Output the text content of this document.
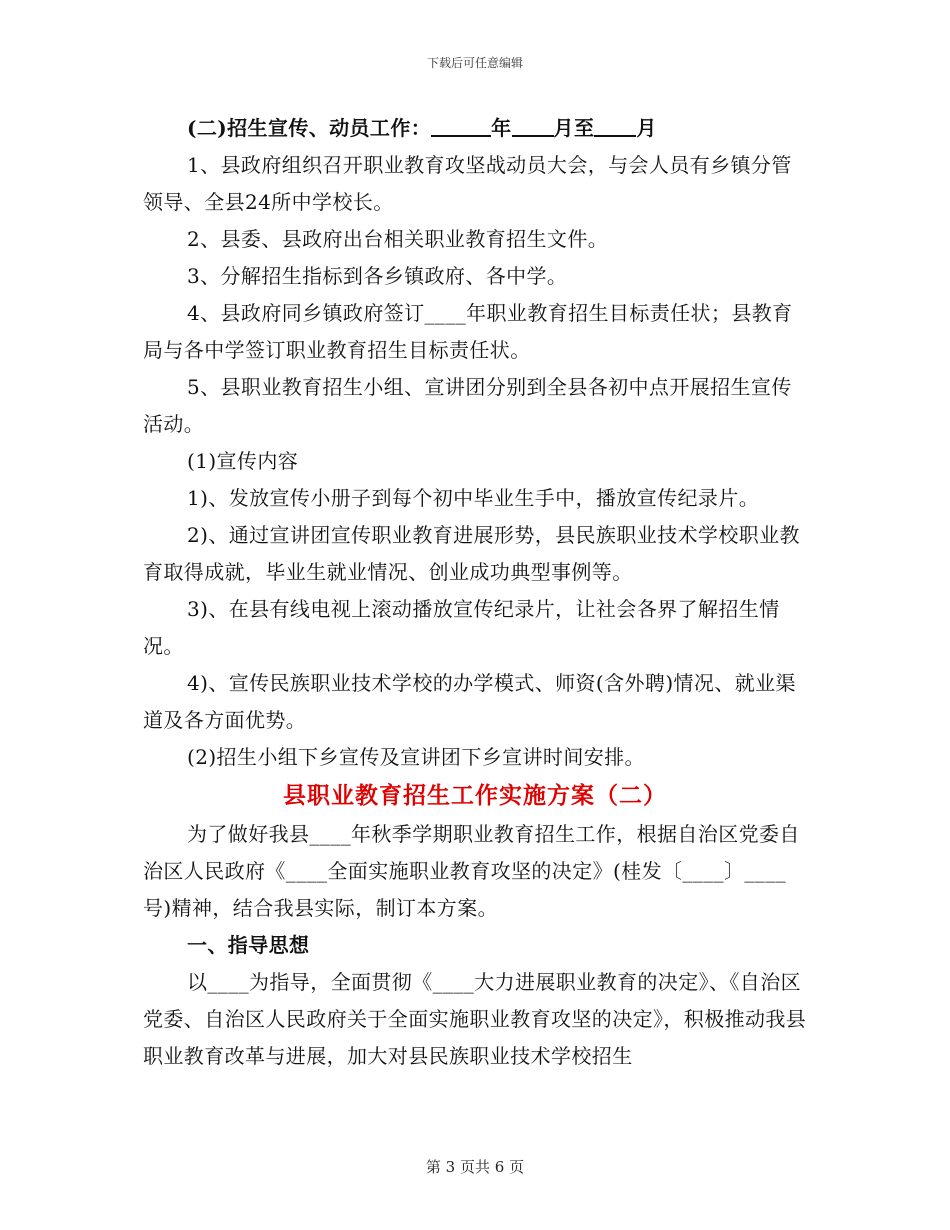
下载后可任意编辑

(二)招生宣传、动员工作：	年 月至 月

1、县政府组织召开职业教育攻坚战动员大会，与会人员有乡镇分管领导、全县24所中学校长。

2、县委、县政府出台相关职业教育招生文件。

3、分解招生指标到各乡镇政府、各中学。

4、县政府同乡镇政府签订____年职业教育招生目标责任状；县教育局与各中学签订职业教育招生目标责任状。

5、县职业教育招生小组、宣讲团分别到全县各初中点开展招生宣传活动。

(1)宣传内容

1)、发放宣传小册子到每个初中毕业生手中，播放宣传纪录片。

2)、通过宣讲团宣传职业教育进展形势，县民族职业技术学校职业教育取得成就，毕业生就业情况、创业成功典型事例等。

3)、在县有线电视上滚动播放宣传纪录片，让社会各界了解招生情况。

4)、宣传民族职业技术学校的办学模式、师资(含外聘)情况、就业渠道及各方面优势。

(2)招生小组下乡宣传及宣讲团下乡宣讲时间安排。

县职业教育招生工作实施方案（二）

为了做好我县____年秋季学期职业教育招生工作，根据自治区党委自治区人民政府《____全面实施职业教育攻坚的决定》(桂发〔____〕____号)精神，结合我县实际，制订本方案。

一、指导思想

以____为指导，全面贯彻《____大力进展职业教育的决定》、《自治区党委、自治区人民政府关于全面实施职业教育攻坚的决定》，积极推动我县职业教育改革与进展，加大对县民族职业技术学校招生

第 3 页共 6 页
